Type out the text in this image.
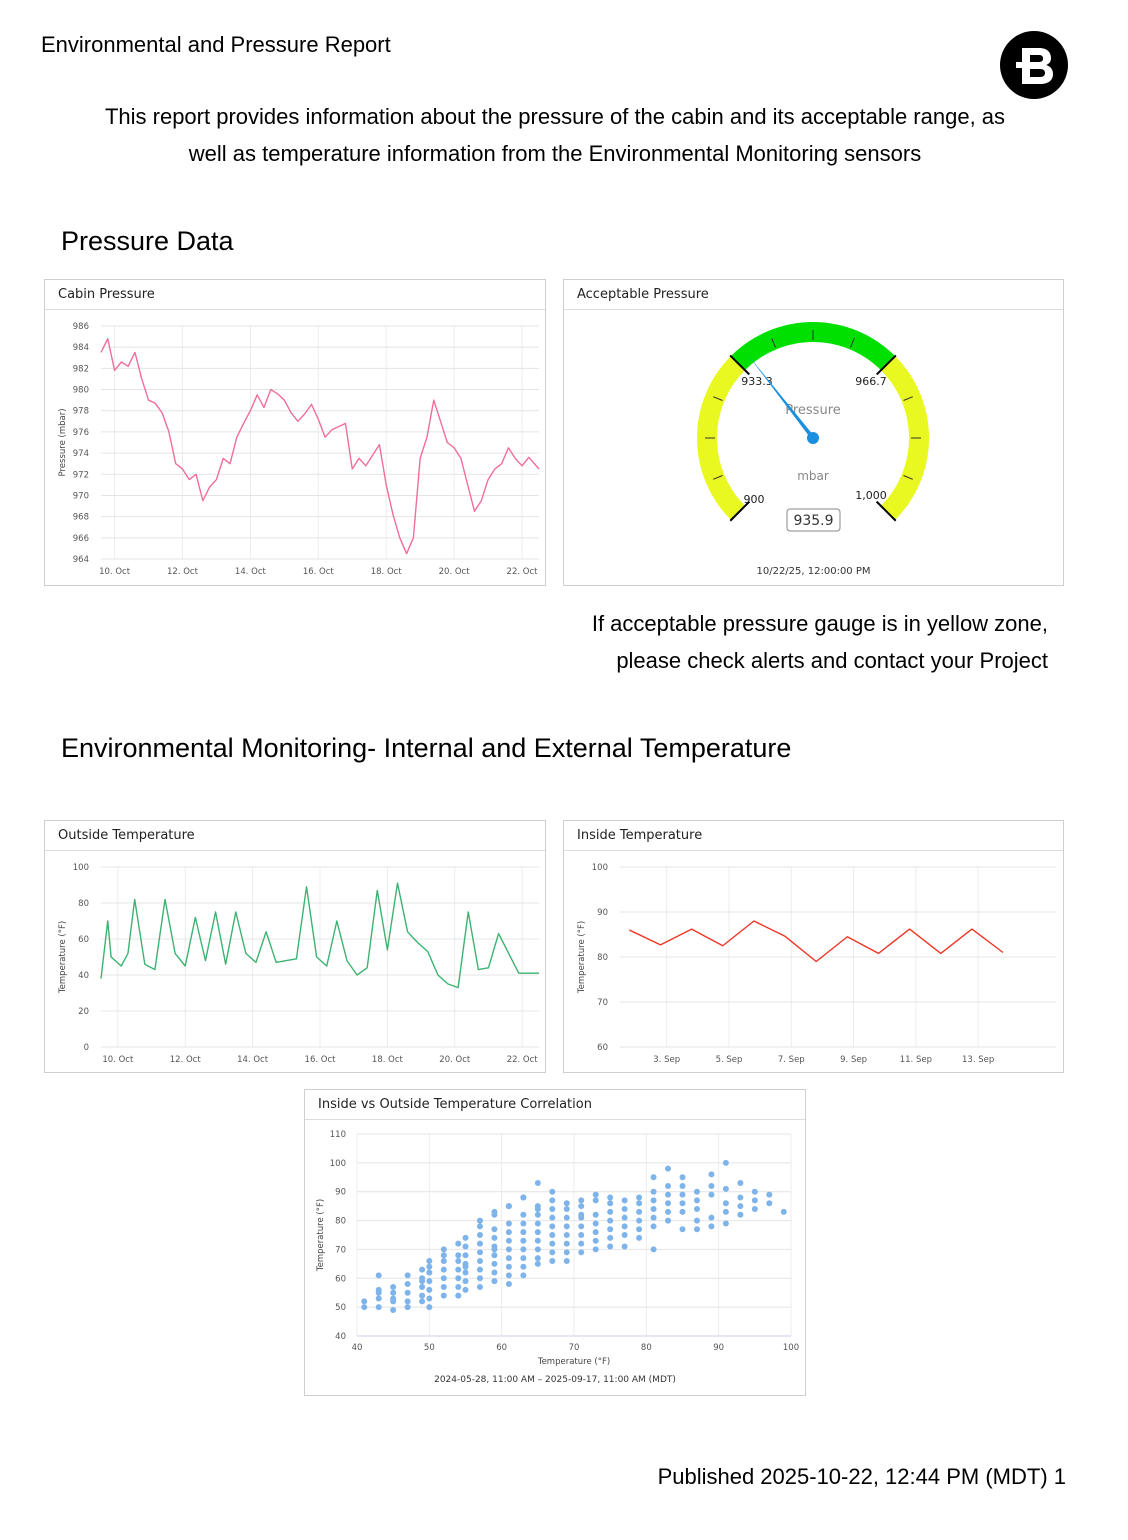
Environmental and Pressure Report
This report provides information about the pressure of the cabin and its acceptable range, as
well as temperature information from the Environmental Monitoring sensors
Pressure Data
Cabin Pressure
986
984
982
980
978
976
974
972
970
968
966
964
10. Oct	12. Oct	14. Oct	16. Oct	18. Oct	20. Oct	22. Oct
Pressure (mbar)
Acceptable Pressure
933.3	966.7
900	1,000
Pressure
mbar
935.9
10/22/25, 12:00:00 PM
If acceptable pressure gauge is in yellow zone,
please check alerts and contact your Project
Environmental Monitoring- Internal and External Temperature
Outside Temperature
100
80
60
40
20
0
10. Oct	12. Oct	14. Oct	16. Oct	18. Oct	20. Oct	22. Oct
Temperature (°F)
Inside Temperature
100
90
80
70
60
3. Sep	5. Sep	7. Sep	9. Sep	11. Sep	13. Sep
Temperature (°F)
Inside vs Outside Temperature Correlation
40	50	60	70	80	90	100
110
100
90
80
70
60
50
40
Temperature (°F)
Temperature (°F)
2024-05-28, 11:00 AM – 2025-09-17, 11:00 AM (MDT)
Published 2025-10-22, 12:44 PM (MDT) 1
